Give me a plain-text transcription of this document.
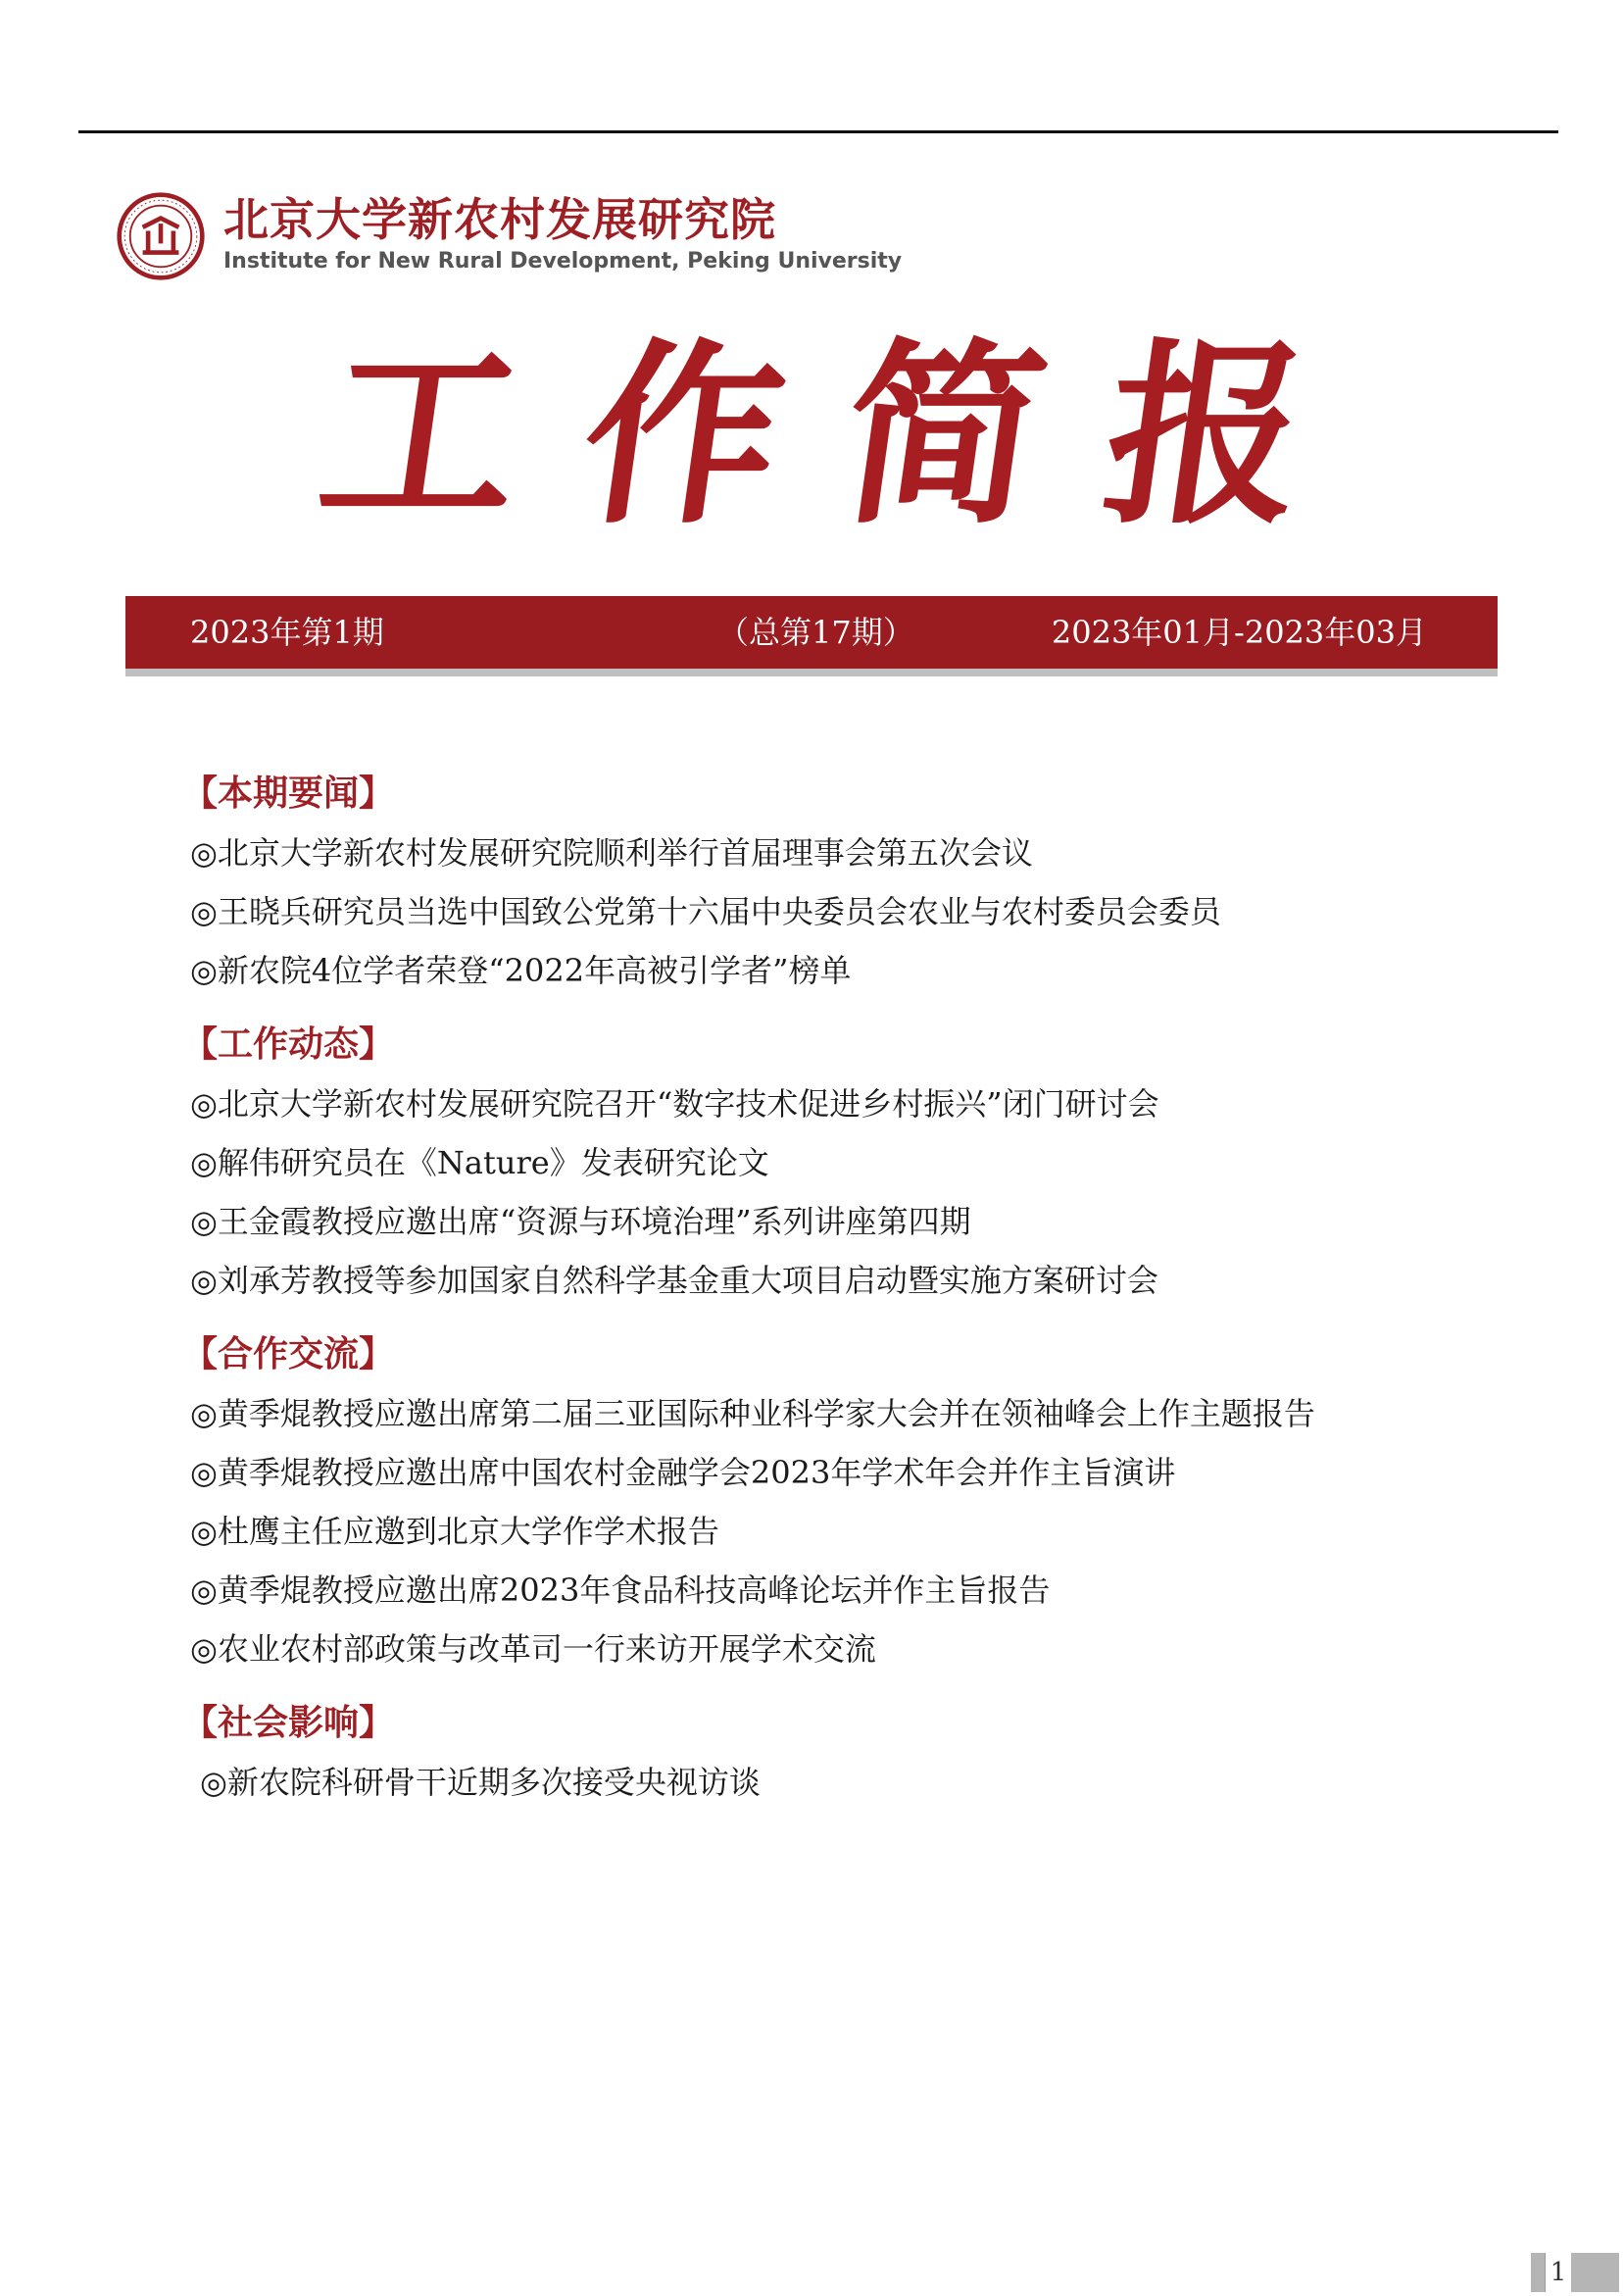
北京大学新农村发展研究院
Institute for New Rural Development, Peking University
工 作 简 报
2023年第1期	（总第17期）	2023年01月-2023年03月
【本期要闻】
◎北京大学新农村发展研究院顺利举行首届理事会第五次会议
◎王晓兵研究员当选中国致公党第十六届中央委员会农业与农村委员会委员
◎新农院4位学者荣登“2022年高被引学者”榜单
【工作动态】
◎北京大学新农村发展研究院召开“数字技术促进乡村振兴”闭门研讨会
◎解伟研究员在《Nature》发表研究论文
◎王金霞教授应邀出席“资源与环境治理”系列讲座第四期
◎刘承芳教授等参加国家自然科学基金重大项目启动暨实施方案研讨会
【合作交流】
◎黄季焜教授应邀出席第二届三亚国际种业科学家大会并在领袖峰会上作主题报告
◎黄季焜教授应邀出席中国农村金融学会2023年学术年会并作主旨演讲
◎杜鹰主任应邀到北京大学作学术报告
◎黄季焜教授应邀出席2023年食品科技高峰论坛并作主旨报告
◎农业农村部政策与改革司一行来访开展学术交流
【社会影响】
◎新农院科研骨干近期多次接受央视访谈
1
